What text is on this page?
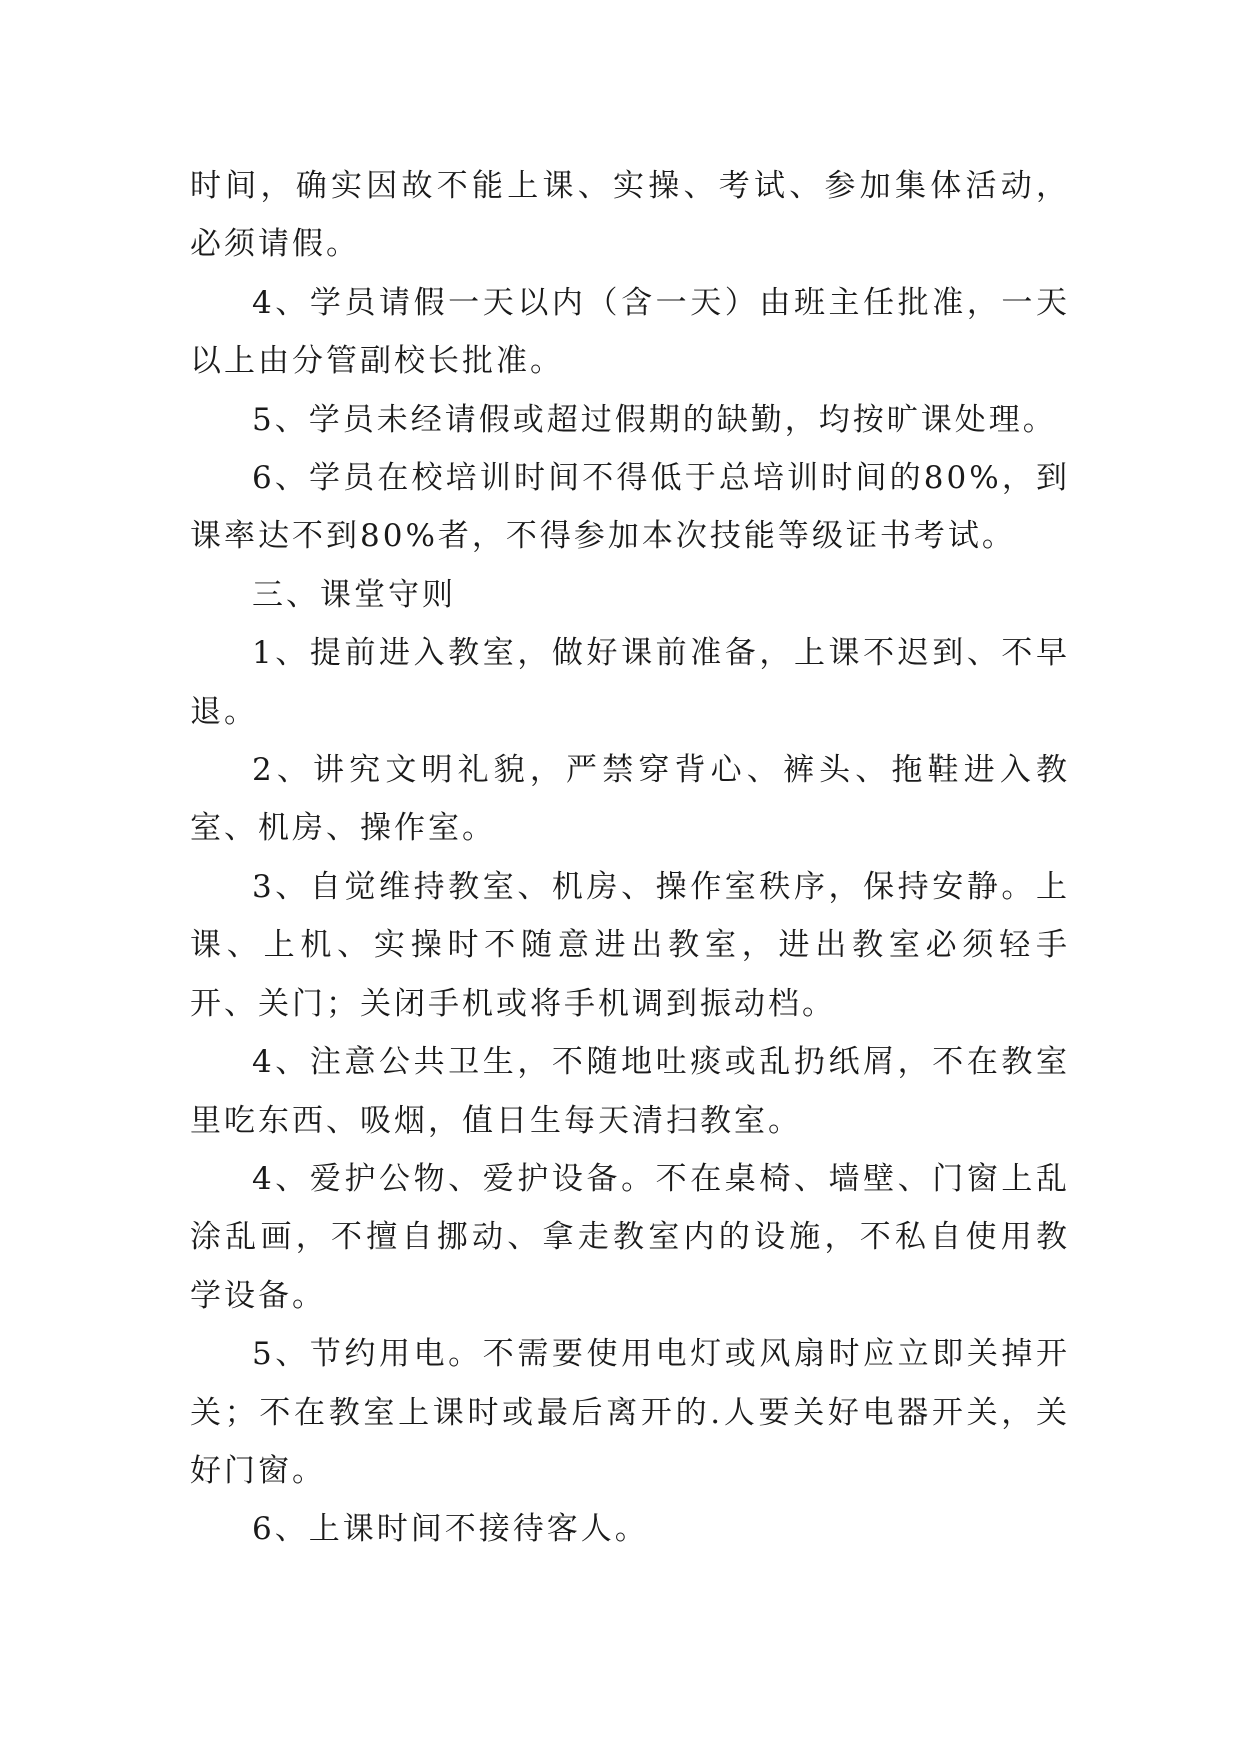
时间，确实因故不能上课、实操、考试、参加集体活动，必须请假。

4、学员请假一天以内（含一天）由班主任批准，一天以上由分管副校长批准。

5、学员未经请假或超过假期的缺勤，均按旷课处理。

6、学员在校培训时间不得低于总培训时间的80%，到课率达不到80%者，不得参加本次技能等级证书考试。

三、课堂守则

1、提前进入教室，做好课前准备，上课不迟到、不早退。

2、讲究文明礼貌，严禁穿背心、裤头、拖鞋进入教室、机房、操作室。

3、自觉维持教室、机房、操作室秩序，保持安静。上课、上机、实操时不随意进出教室，进出教室必须轻手开、关门；关闭手机或将手机调到振动档。

4、注意公共卫生，不随地吐痰或乱扔纸屑，不在教室里吃东西、吸烟，值日生每天清扫教室。

4、爱护公物、爱护设备。不在桌椅、墙壁、门窗上乱涂乱画，不擅自挪动、拿走教室内的设施，不私自使用教学设备。

5、节约用电。不需要使用电灯或风扇时应立即关掉开关；不在教室上课时或最后离开的.人要关好电器开关，关好门窗。

6、上课时间不接待客人。
